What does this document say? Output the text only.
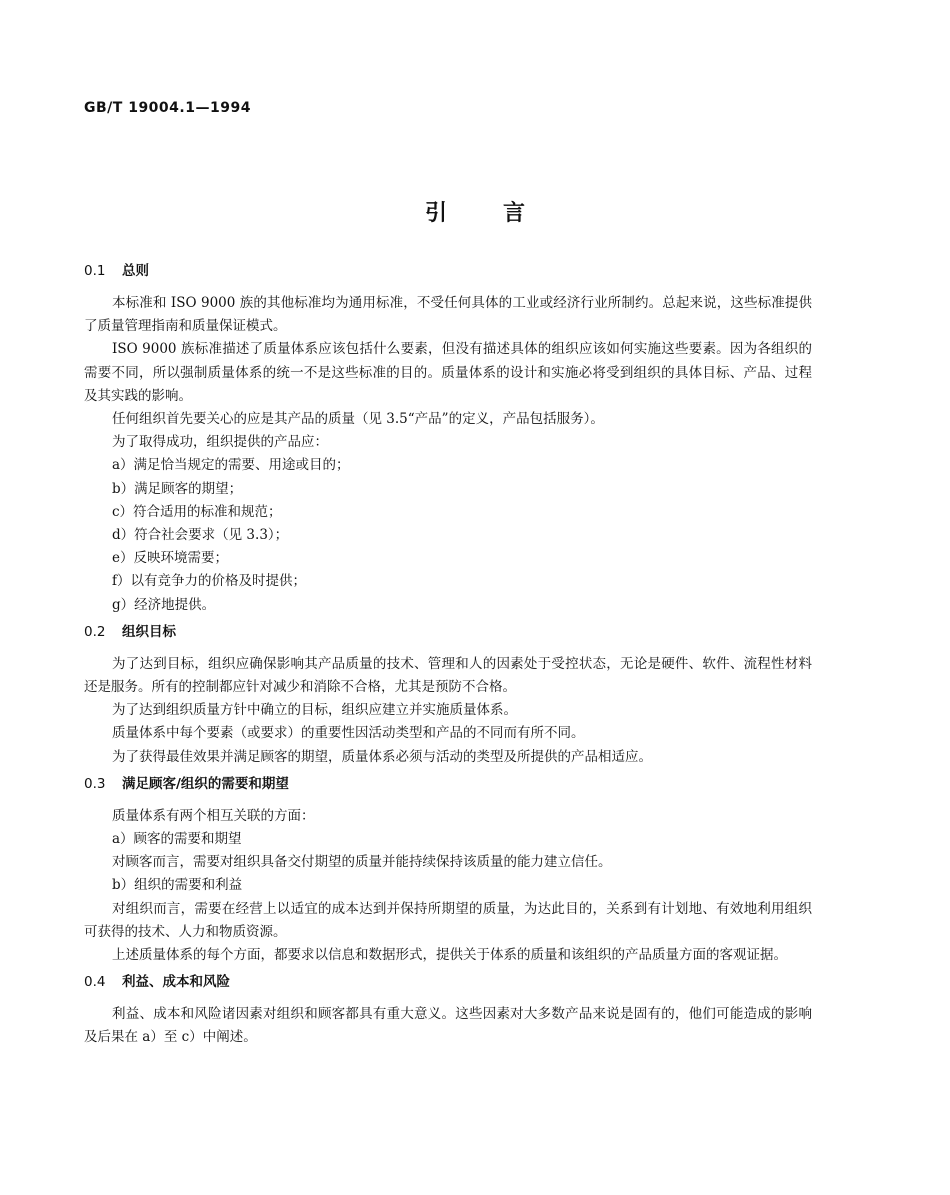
GB/T 19004.1—1994
引言
0.1 总则

本标准和 ISO 9000 族的其他标准均为通用标准，不受任何具体的工业或经济行业所制约。总起来说，这些标准提供了质量管理指南和质量保证模式。

ISO 9000 族标准描述了质量体系应该包括什么要素，但没有描述具体的组织应该如何实施这些要素。因为各组织的需要不同，所以强制质量体系的统一不是这些标准的目的。质量体系的设计和实施必将受到组织的具体目标、产品、过程及其实践的影响。

任何组织首先要关心的应是其产品的质量（见 3.5“产品”的定义，产品包括服务）。

为了取得成功，组织提供的产品应：

a）满足恰当规定的需要、用途或目的；

b）满足顾客的期望；

c）符合适用的标准和规范；

d）符合社会要求（见 3.3）；

e）反映环境需要；

f）以有竞争力的价格及时提供；

g）经济地提供。

0.2 组织目标

为了达到目标，组织应确保影响其产品质量的技术、管理和人的因素处于受控状态，无论是硬件、软件、流程性材料还是服务。所有的控制都应针对减少和消除不合格，尤其是预防不合格。

为了达到组织质量方针中确立的目标，组织应建立并实施质量体系。

质量体系中每个要素（或要求）的重要性因活动类型和产品的不同而有所不同。

为了获得最佳效果并满足顾客的期望，质量体系必须与活动的类型及所提供的产品相适应。

0.3 满足顾客/组织的需要和期望

质量体系有两个相互关联的方面：

a）顾客的需要和期望

对顾客而言，需要对组织具备交付期望的质量并能持续保持该质量的能力建立信任。

b）组织的需要和利益

对组织而言，需要在经营上以适宜的成本达到并保持所期望的质量，为达此目的，关系到有计划地、有效地利用组织可获得的技术、人力和物质资源。

上述质量体系的每个方面，都要求以信息和数据形式，提供关于体系的质量和该组织的产品质量方面的客观证据。

0.4 利益、成本和风险

利益、成本和风险诸因素对组织和顾客都具有重大意义。这些因素对大多数产品来说是固有的，他们可能造成的影响及后果在 a）至 c）中阐述。
